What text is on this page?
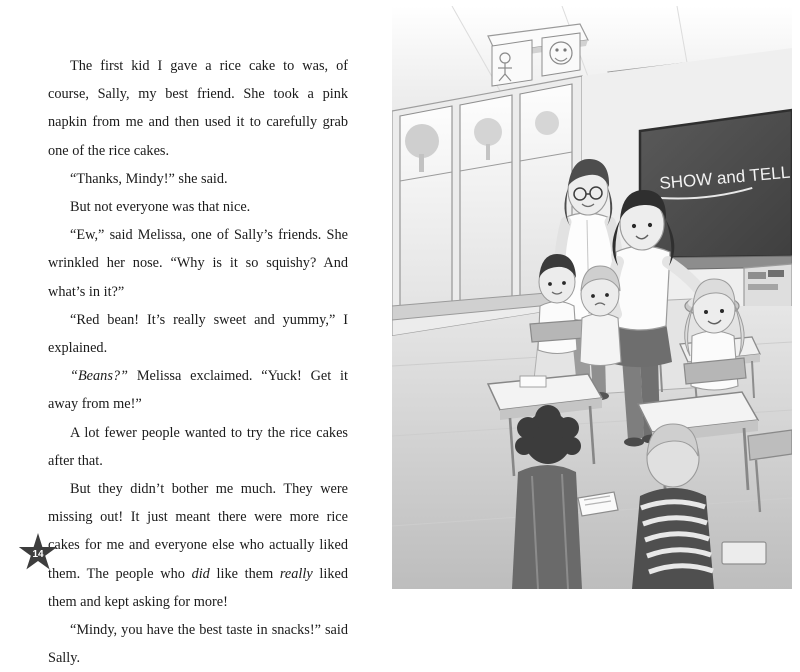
The first kid I gave a rice cake to was, of course, Sally, my best friend. She took a pink napkin from me and then used it to carefully grab one of the rice cakes.

“Thanks, Mindy!” she said.

But not everyone was that nice.

“Ew,” said Melissa, one of Sally’s friends. She wrinkled her nose. “Why is it so squishy? And what’s in it?”

“Red bean! It’s really sweet and yummy,” I explained.

“Beans?” Melissa exclaimed. “Yuck! Get it away from me!”

A lot fewer people wanted to try the rice cakes after that.

But they didn’t bother me much. They were missing out! It just meant there were more rice cakes for me and everyone else who actually liked them. The people who did like them really liked them and kept asking for more!

“Mindy, you have the best taste in snacks!” said Sally.

14
SHOW and TELL
